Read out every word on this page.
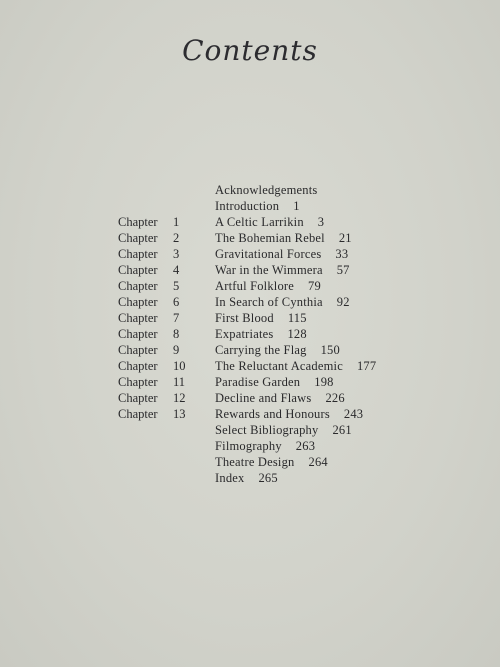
Contents
Acknowledgements
Introduction 1
Chapter	1	A Celtic Larrikin 3
Chapter	2	The Bohemian Rebel 21
Chapter	3	Gravitational Forces 33
Chapter	4	War in the Wimmera 57
Chapter	5	Artful Folklore 79
Chapter	6	In Search of Cynthia 92
Chapter	7	First Blood 115
Chapter	8	Expatriates 128
Chapter	9	Carrying the Flag 150
Chapter	10	The Reluctant Academic 177
Chapter	11	Paradise Garden 198
Chapter	12	Decline and Flaws 226
Chapter	13	Rewards and Honours 243
Select Bibliography 261
Filmography 263
Theatre Design 264
Index 265
